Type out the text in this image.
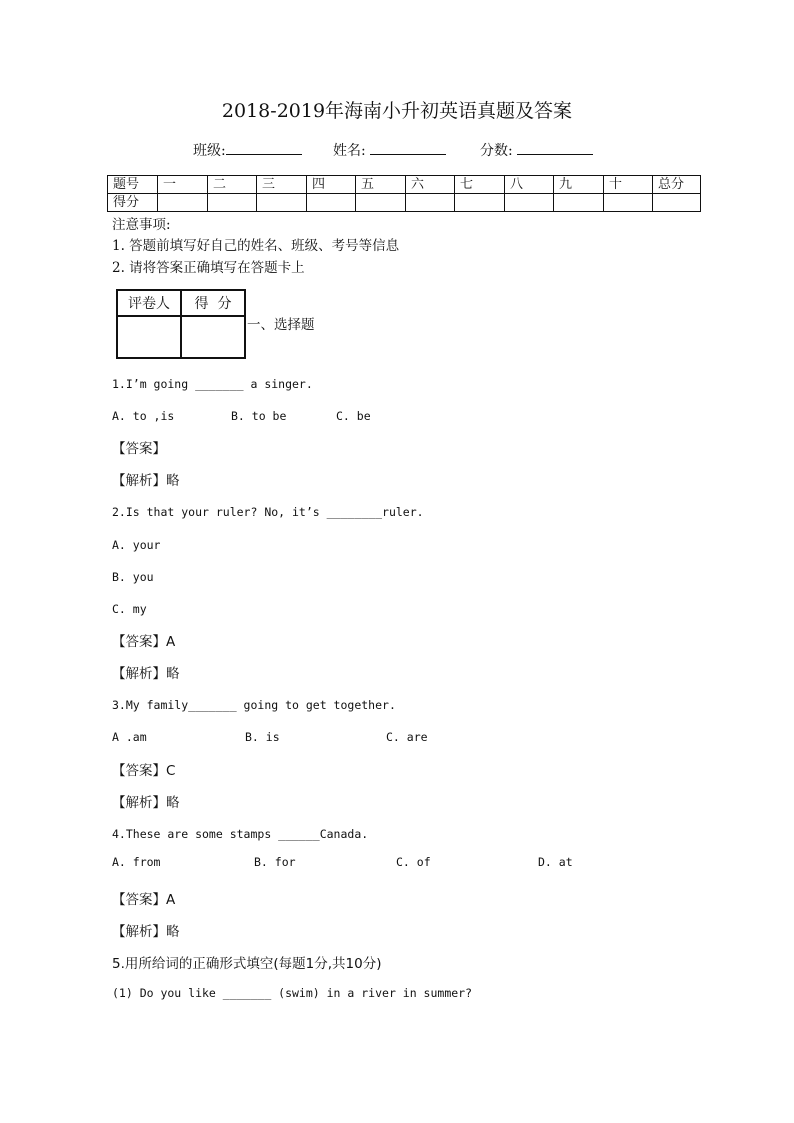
2018-2019年海南小升初英语真题及答案
班级:	姓名:	分数:
题号	一	二	三	四	五	六	七	八	九	十	总分
得分											
注意事项:
1. 答题前填写好自己的姓名、班级、考号等信息
2. 请将答案正确填写在答题卡上
评卷人	得  分

一、选择题
1.I’m going _______ a singer.
A. to ,is	B. to be	C. be
【答案】
【解析】略
2.Is that your ruler? No, it’s ________ruler.
A. your
B. you
C. my
【答案】A
【解析】略
3.My family_______ going to get together.
A .am	B. is	C. are
【答案】C
【解析】略
4.These are some stamps ______Canada.
A. from	B. for	C. of	D. at
【答案】A
【解析】略
5.用所给词的正确形式填空(每题1分,共10分)
(1) Do you like _______ (swim) in a river in summer?
